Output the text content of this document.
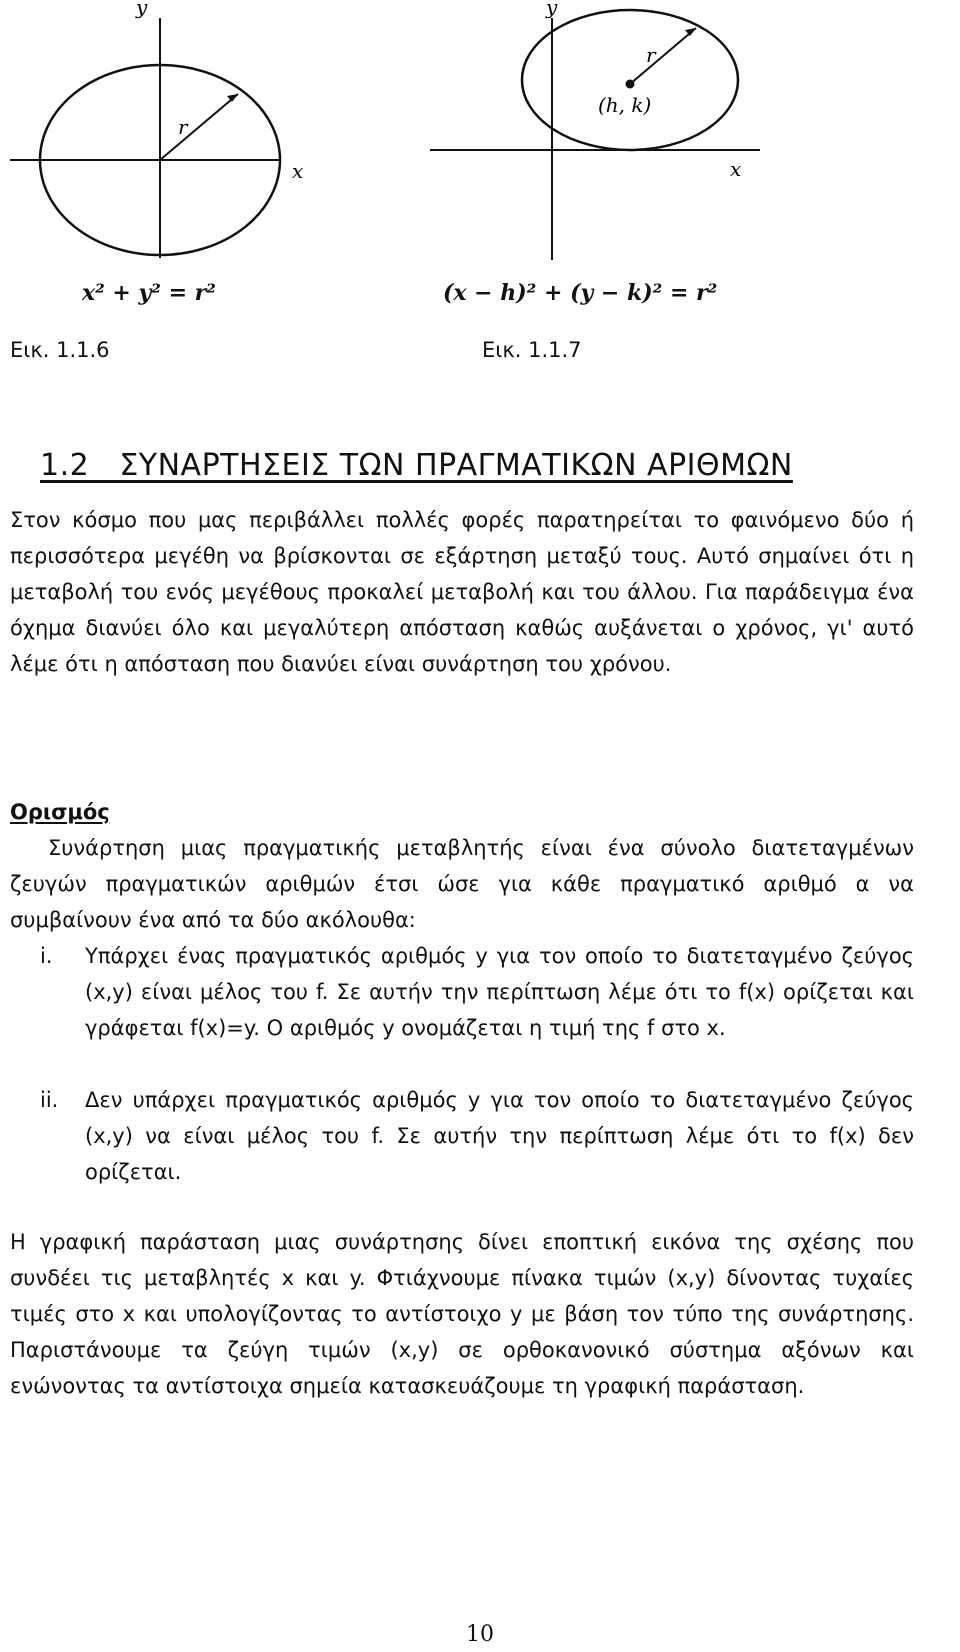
y
x
r
x² + y² = r²
Εικ. 1.1.6
y
x
r
(h, k)
(x − h)² + (y − k)² = r²
Εικ. 1.1.7
1.2   ΣΥΝΑΡΤΗΣΕΙΣ ΤΩΝ ΠΡΑΓΜΑΤΙΚΩΝ ΑΡΙΘΜΩΝ

Στον κόσμο που μας περιβάλλει πολλές φορές παρατηρείται το φαινόμενο δύο ή περισσότερα μεγέθη να βρίσκονται σε εξάρτηση μεταξύ τους. Αυτό σημαίνει ότι η μεταβολή του ενός μεγέθους προκαλεί μεταβολή και του άλλου. Για παράδειγμα ένα όχημα διανύει όλο και μεγαλύτερη απόσταση καθώς αυξάνεται ο χρόνος, γι' αυτό λέμε ότι η απόσταση που διανύει είναι συνάρτηση του χρόνου.

Ορισμός

Συνάρτηση μιας πραγματικής μεταβλητής είναι ένα σύνολο διατεταγμένων ζευγών πραγματικών αριθμών έτσι ώσε για κάθε πραγματικό αριθμό α να συμβαίνουν ένα από τα δύο ακόλουθα:

i.	Υπάρχει ένας πραγματικός αριθμός y για τον οποίο το διατεταγμένο ζεύγος (x,y) είναι μέλος του f. Σε αυτήν την περίπτωση λέμε ότι το f(x) ορίζεται και γράφεται f(x)=y. Ο αριθμός y ονομάζεται η τιμή της f στο x.
ii.	Δεν υπάρχει πραγματικός αριθμός y για τον οποίο το διατεταγμένο ζεύγος (x,y) να είναι μέλος του f. Σε αυτήν την περίπτωση λέμε ότι το f(x) δεν ορίζεται.

Η γραφική παράσταση μιας συνάρτησης δίνει εποπτική εικόνα της σχέσης που συνδέει τις μεταβλητές x και y. Φτιάχνουμε πίνακα τιμών (x,y) δίνοντας τυχαίες τιμές στο x και υπολογίζοντας το αντίστοιχο y με βάση τον τύπο της συνάρτησης. Παριστάνουμε τα ζεύγη τιμών (x,y) σε ορθοκανονικό σύστημα αξόνων και ενώνοντας τα αντίστοιχα σημεία κατασκευάζουμε τη γραφική παράσταση.

10
